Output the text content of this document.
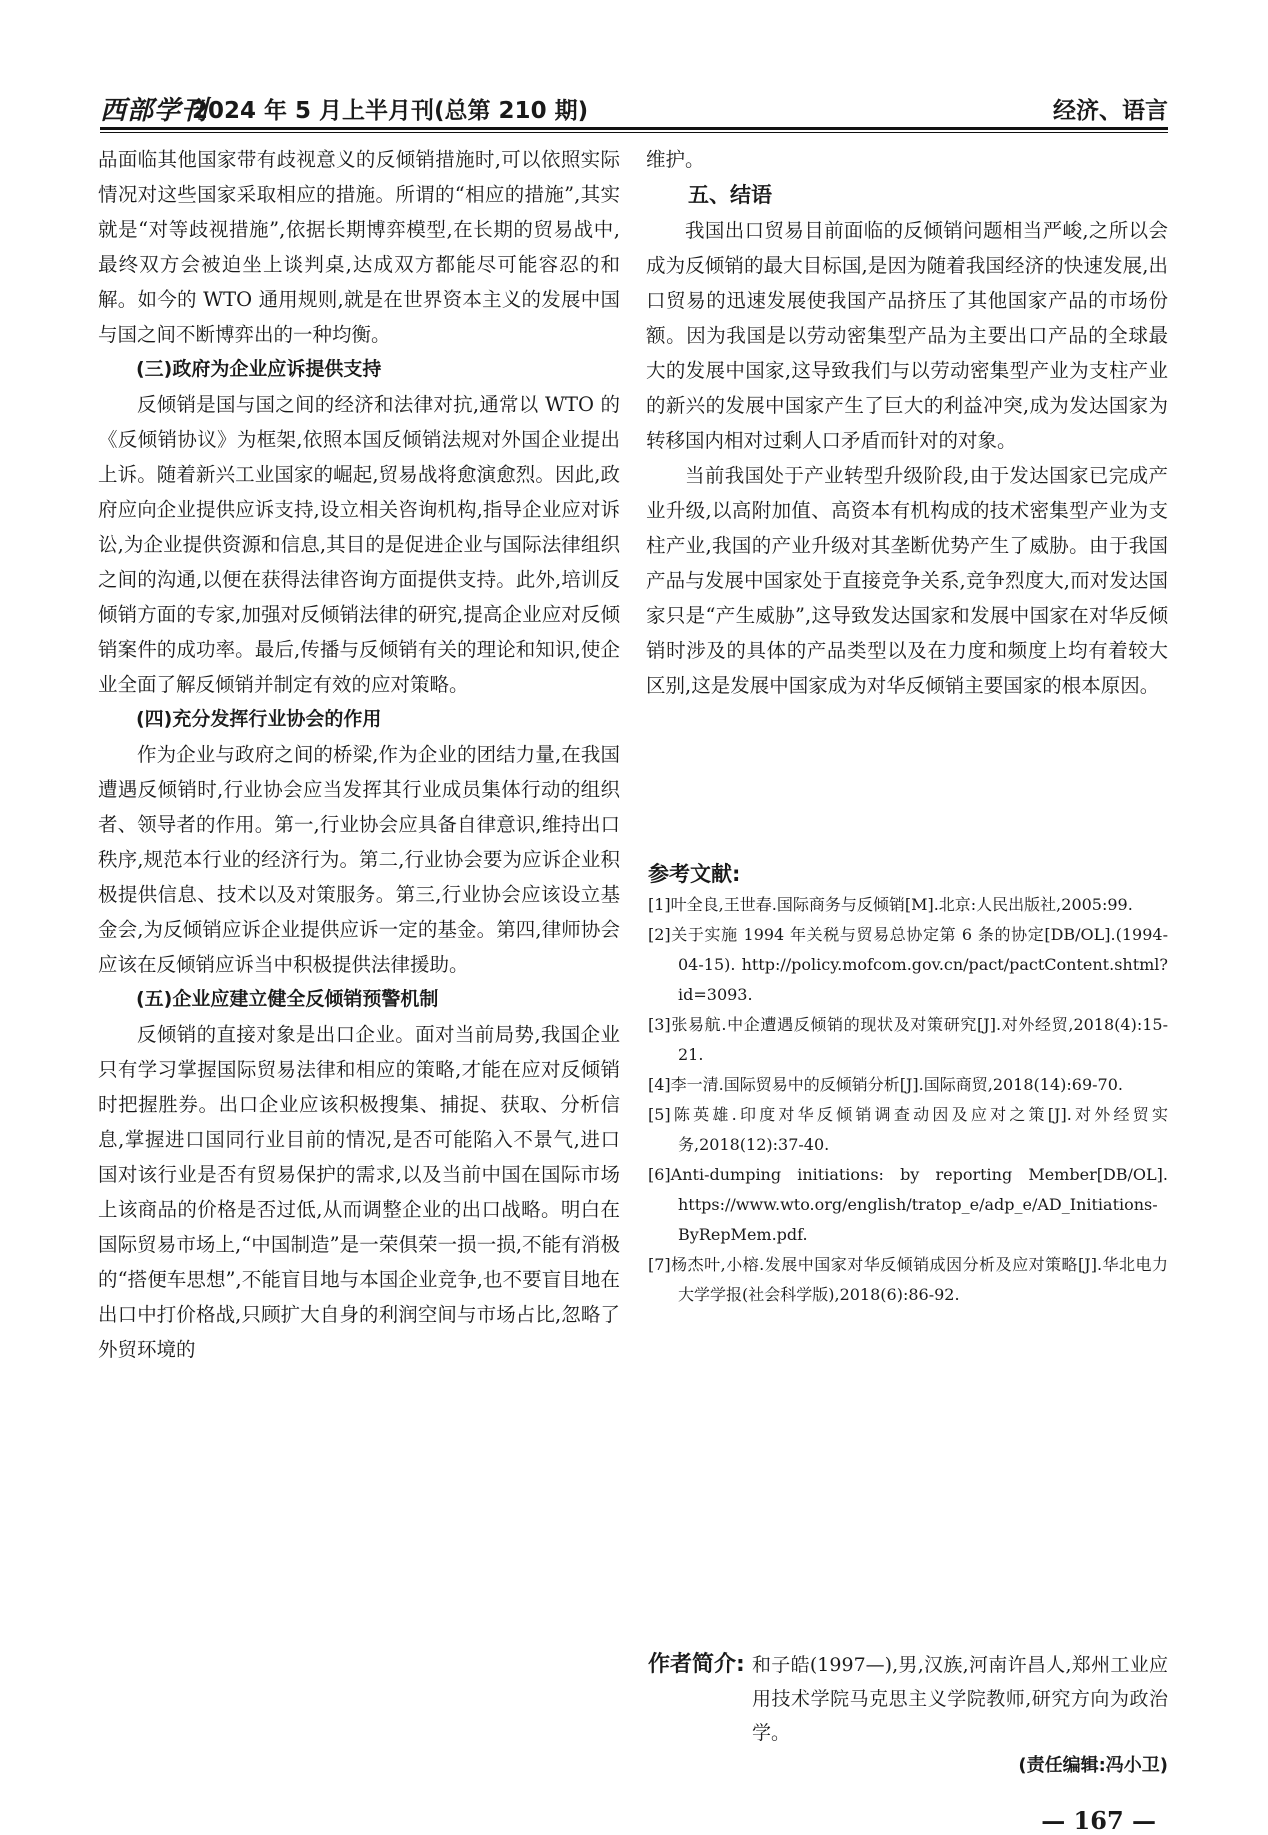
西部学刊
2024 年 5 月上半月刊(总第 210 期)	经济、语言

品面临其他国家带有歧视意义的反倾销措施时,可以依照实际情况对这些国家采取相应的措施。所谓的“相应的措施”,其实就是“对等歧视措施”,依据长期博弈模型,在长期的贸易战中,最终双方会被迫坐上谈判桌,达成双方都能尽可能容忍的和解。如今的 WTO 通用规则,就是在世界资本主义的发展中国与国之间不断博弈出的一种均衡。

(三)政府为企业应诉提供支持

反倾销是国与国之间的经济和法律对抗,通常以 WTO 的《反倾销协议》为框架,依照本国反倾销法规对外国企业提出上诉。随着新兴工业国家的崛起,贸易战将愈演愈烈。因此,政府应向企业提供应诉支持,设立相关咨询机构,指导企业应对诉讼,为企业提供资源和信息,其目的是促进企业与国际法律组织之间的沟通,以便在获得法律咨询方面提供支持。此外,培训反倾销方面的专家,加强对反倾销法律的研究,提高企业应对反倾销案件的成功率。最后,传播与反倾销有关的理论和知识,使企业全面了解反倾销并制定有效的应对策略。

(四)充分发挥行业协会的作用

作为企业与政府之间的桥梁,作为企业的团结力量,在我国遭遇反倾销时,行业协会应当发挥其行业成员集体行动的组织者、领导者的作用。第一,行业协会应具备自律意识,维持出口秩序,规范本行业的经济行为。第二,行业协会要为应诉企业积极提供信息、技术以及对策服务。第三,行业协会应该设立基金会,为反倾销应诉企业提供应诉一定的基金。第四,律师协会应该在反倾销应诉当中积极提供法律援助。

(五)企业应建立健全反倾销预警机制

反倾销的直接对象是出口企业。面对当前局势,我国企业只有学习掌握国际贸易法律和相应的策略,才能在应对反倾销时把握胜券。出口企业应该积极搜集、捕捉、获取、分析信息,掌握进口国同行业目前的情况,是否可能陷入不景气,进口国对该行业是否有贸易保护的需求,以及当前中国在国际市场上该商品的价格是否过低,从而调整企业的出口战略。明白在国际贸易市场上,“中国制造”是一荣俱荣一损一损,不能有消极的“搭便车思想”,不能盲目地与本国企业竞争,也不要盲目地在出口中打价格战,只顾扩大自身的利润空间与市场占比,忽略了外贸环境的

维护。

五、结语

我国出口贸易目前面临的反倾销问题相当严峻,之所以会成为反倾销的最大目标国,是因为随着我国经济的快速发展,出口贸易的迅速发展使我国产品挤压了其他国家产品的市场份额。因为我国是以劳动密集型产品为主要出口产品的全球最大的发展中国家,这导致我们与以劳动密集型产业为支柱产业的新兴的发展中国家产生了巨大的利益冲突,成为发达国家为转移国内相对过剩人口矛盾而针对的对象。

当前我国处于产业转型升级阶段,由于发达国家已完成产业升级,以高附加值、高资本有机构成的技术密集型产业为支柱产业,我国的产业升级对其垄断优势产生了威胁。由于我国产品与发展中国家处于直接竞争关系,竞争烈度大,而对发达国家只是“产生威胁”,这导致发达国家和发展中国家在对华反倾销时涉及的具体的产品类型以及在力度和频度上均有着较大区别,这是发展中国家成为对华反倾销主要国家的根本原因。

参考文献:
[1]叶全良,王世春.国际商务与反倾销[M].北京:人民出版社,2005:99.
[2]关于实施 1994 年关税与贸易总协定第 6 条的协定[DB/OL].(1994-04-15). http://policy.mofcom.gov.cn/pact/pactContent.shtml? id=3093.
[3]张易航.中企遭遇反倾销的现状及对策研究[J].对外经贸,2018(4):15-21.
[4]李一清.国际贸易中的反倾销分析[J].国际商贸,2018(14):69-70.
[5]陈英雄.印度对华反倾销调查动因及应对之策[J].对外经贸实务,2018(12):37-40.
[6]Anti-dumping initiations: by reporting Member[DB/OL]. https://www.wto.org/english/tratop_e/adp_e/AD_Initiations-ByRepMem.pdf.
[7]杨杰叶,小榕.发展中国家对华反倾销成因分析及应对策略[J].华北电力大学学报(社会科学版),2018(6):86-92.
作者简介: 和子皓(1997—),男,汉族,河南许昌人,郑州工业应用技术学院马克思主义学院教师,研究方向为政治学。
(责任编辑:冯小卫)
— 167 —
